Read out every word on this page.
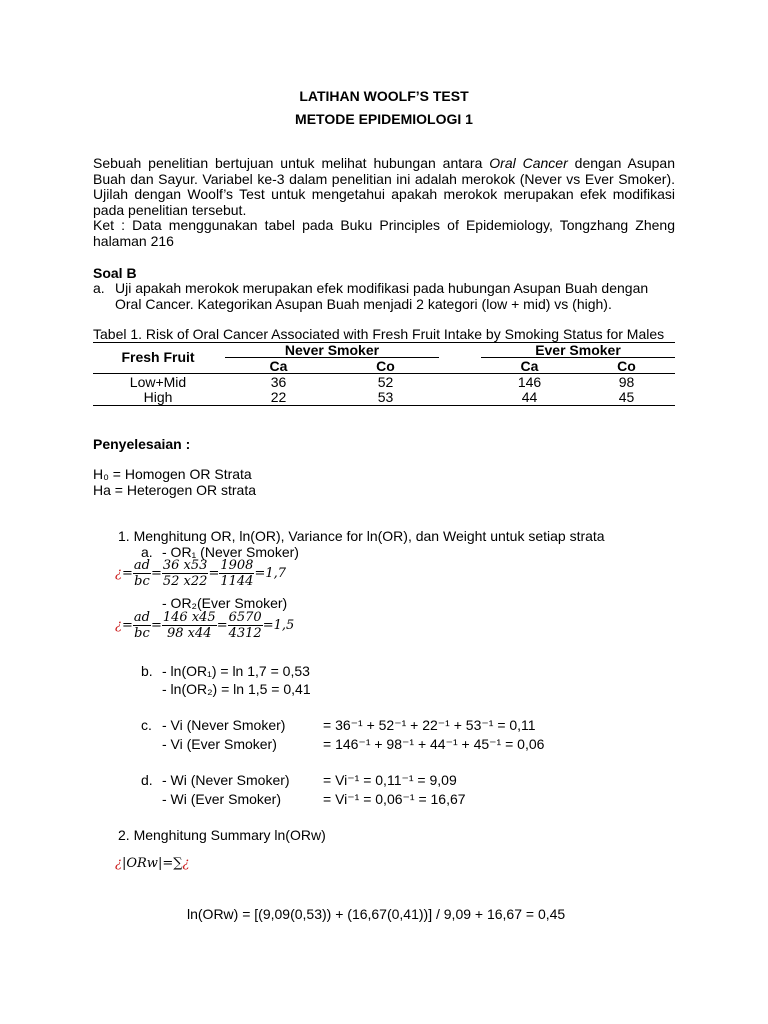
LATIHAN WOOLF’S TEST
METODE EPIDEMIOLOGI 1
Sebuah penelitian bertujuan untuk melihat hubungan antara Oral Cancer dengan Asupan Buah dan Sayur. Variabel ke-3 dalam penelitian ini adalah merokok (Never vs Ever Smoker). Ujilah dengan Woolf’s Test untuk mengetahui apakah merokok merupakan efek modifikasi pada penelitian tersebut.
Ket : Data menggunakan tabel pada Buku Principles of Epidemiology, Tongzhang Zheng halaman 216
Soal B
a. Uji apakah merokok merupakan efek modifikasi pada hubungan Asupan Buah dengan
Oral Cancer. Kategorikan Asupan Buah menjadi 2 kategori (low + mid) vs (high).
Tabel 1. Risk of Oral Cancer Associated with Fresh Fruit Intake by Smoking Status for Males
Fresh Fruit	Never Smoker	Ever Smoker
Ca	Co	Ca	Co
Low+Mid	36	52	146	98
High	22	53	44	45
Penyelesaian :
H₀ = Homogen OR Strata
Ha = Heterogen OR strata
1. Menghitung OR, ln(OR), Variance for ln(OR), dan Weight untuk setiap strata
a. - OR₁ (Never Smoker)
¿= $\frac{ad}{bc} = \frac{36 x53}{52 x22} = \frac{1908}{1144} =1,7$
- OR₂(Ever Smoker)
¿= $\frac{ad}{bc} = \frac{146 x45}{98 x44} = \frac{6570}{4312} =1,5$
b. - ln(OR₁) = ln 1,7 = 0,53
- ln(OR₂) = ln 1,5 = 0,41
c. - Vi (Never Smoker)	= 36⁻¹ + 52⁻¹ + 22⁻¹ + 53⁻¹ = 0,11
- Vi (Ever Smoker)	= 146⁻¹ + 98⁻¹ + 44⁻¹ + 45⁻¹ = 0,06
d. - Wi (Never Smoker) = Vi⁻¹ = 0,11⁻¹ = 9,09
- Wi (Ever Smoker)	= Vi⁻¹ = 0,06⁻¹ = 16,67
2. Menghitung Summary ln(ORw)
¿|ORw|=∑¿
ln(ORw) = [(9,09(0,53)) + (16,67(0,41))] / 9,09 + 16,67 = 0,45
